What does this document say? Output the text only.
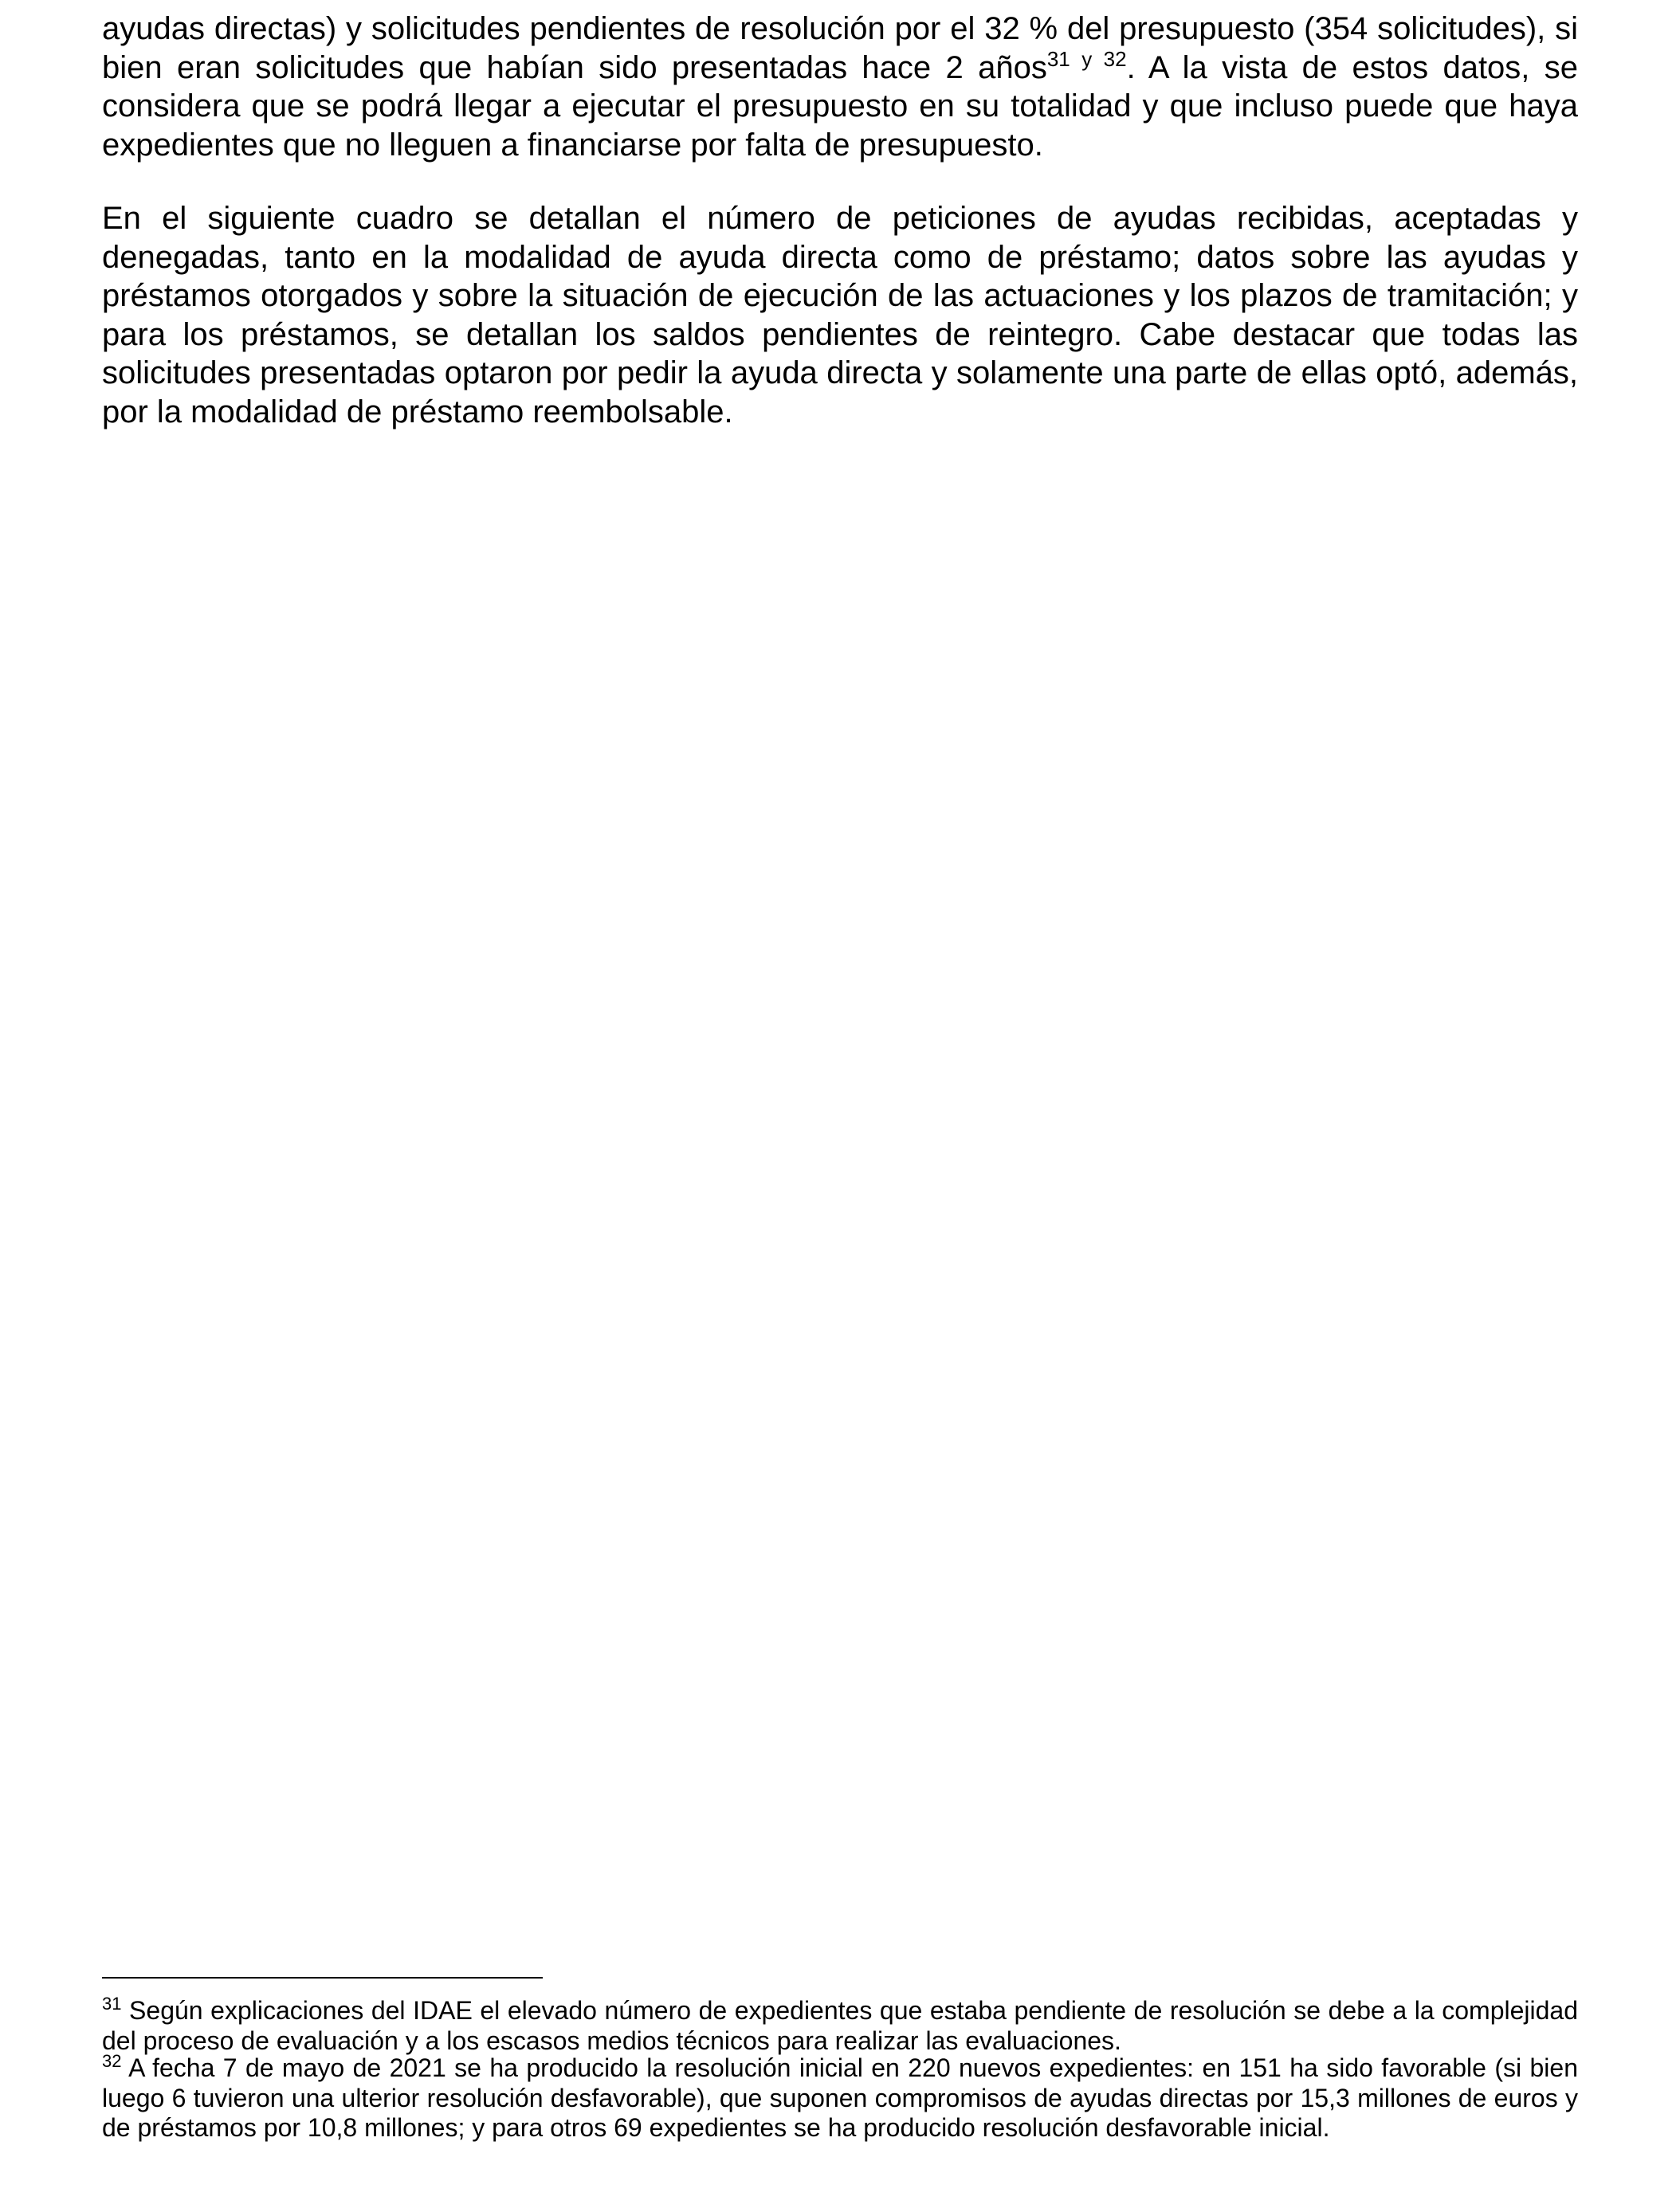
ayudas directas) y solicitudes pendientes de resolución por el 32 % del presupuesto (354 solicitudes), si bien eran solicitudes que habían sido presentadas hace 2 años$^{31 y 32}$. A la vista de estos datos, se considera que se podrá llegar a ejecutar el presupuesto en su totalidad y que incluso puede que haya expedientes que no lleguen a financiarse por falta de presupuesto.

En el siguiente cuadro se detallan el número de peticiones de ayudas recibidas, aceptadas y denegadas, tanto en la modalidad de ayuda directa como de préstamo; datos sobre las ayudas y préstamos otorgados y sobre la situación de ejecución de las actuaciones y los plazos de tramitación; y para los préstamos, se detallan los saldos pendientes de reintegro. Cabe destacar que todas las solicitudes presentadas optaron por pedir la ayuda directa y solamente una parte de ellas optó, además, por la modalidad de préstamo reembolsable.

$^{31}$ Según explicaciones del IDAE el elevado número de expedientes que estaba pendiente de resolución se debe a la complejidad del proceso de evaluación y a los escasos medios técnicos para realizar las evaluaciones.

$^{32}$ A fecha 7 de mayo de 2021 se ha producido la resolución inicial en 220 nuevos expedientes: en 151 ha sido favorable (si bien luego 6 tuvieron una ulterior resolución desfavorable), que suponen compromisos de ayudas directas por 15,3 millones de euros y de préstamos por 10,8 millones; y para otros 69 expedientes se ha producido resolución desfavorable inicial.
